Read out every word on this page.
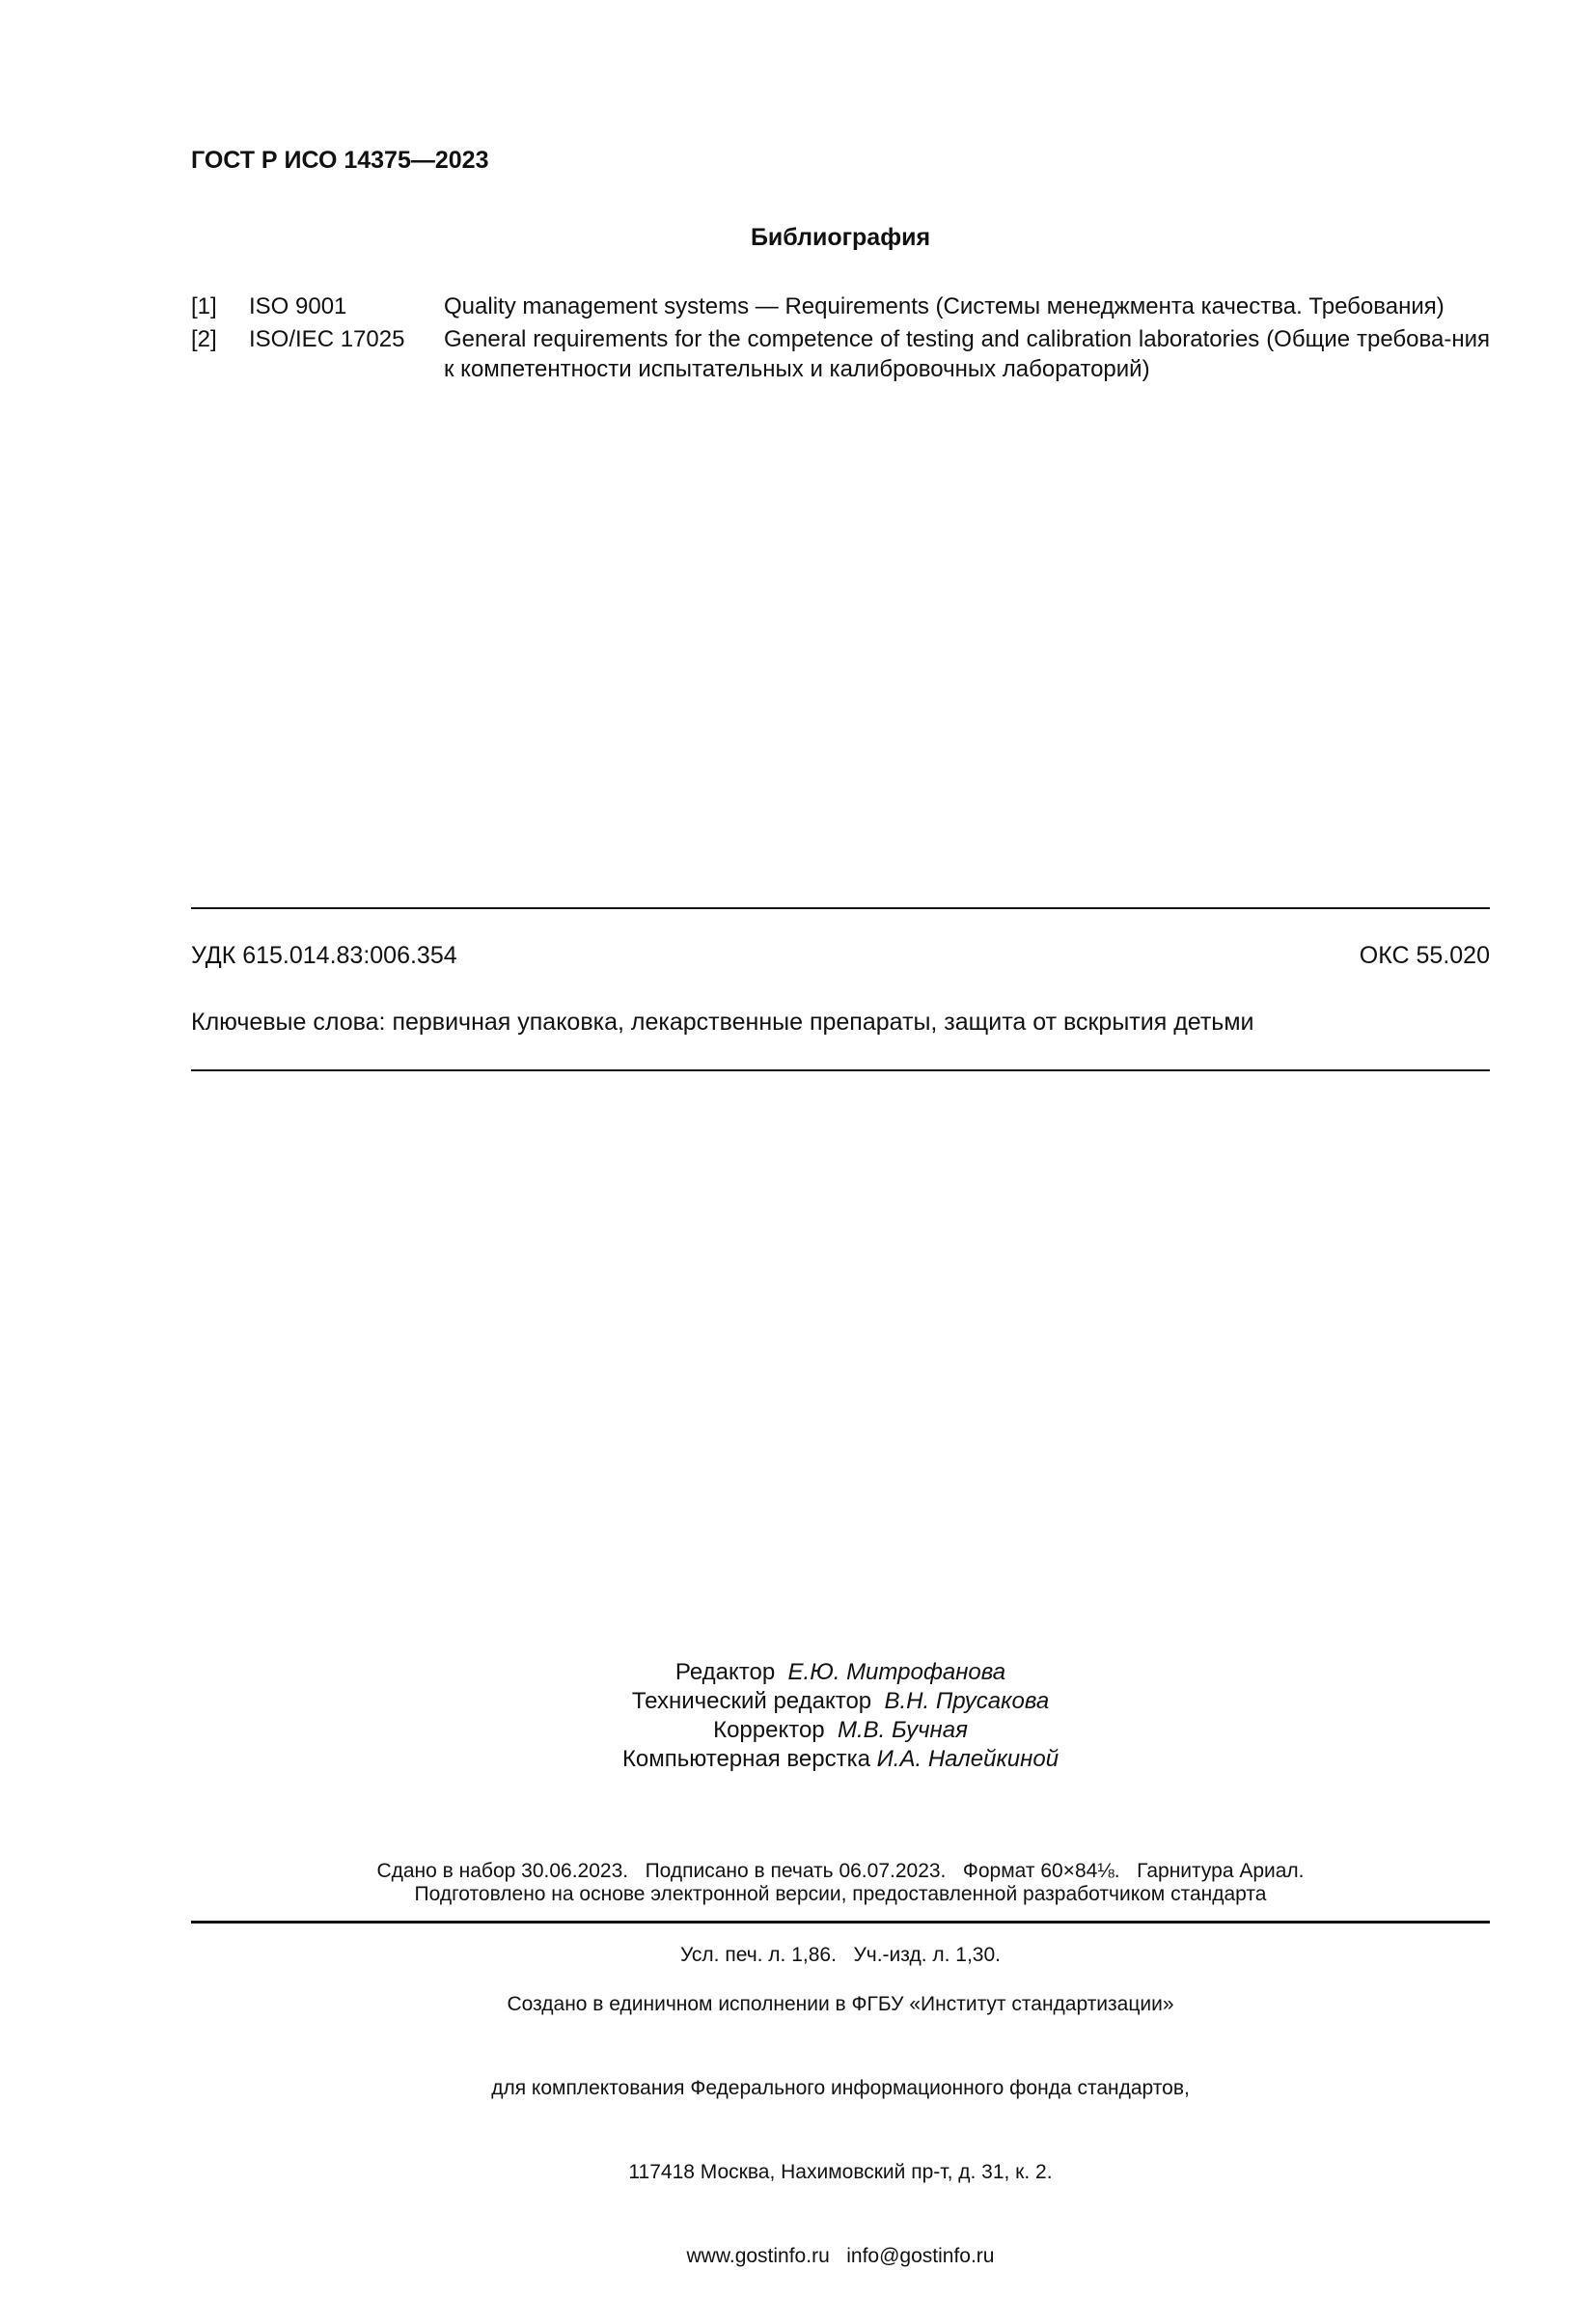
ГОСТ Р ИСО 14375—2023
Библиография
[1] ISO 9001	Quality management systems — Requirements (Системы менеджмента качества. Требования)
[2] ISO/IEC 17025 General requirements for the competence of testing and calibration laboratories (Общие требова-ния к компетентности испытательных и калибровочных лабораторий)
УДК 615.014.83:006.354	ОКС 55.020
Ключевые слова: первичная упаковка, лекарственные препараты, защита от вскрытия детьми
Редактор Е.Ю. Митрофанова
Технический редактор В.Н. Прусакова
Корректор М.В. Бучная
Компьютерная верстка И.А. Налейкиной

Сдано в набор 30.06.2023.   Подписано в печать 06.07.2023.   Формат 60×84⅛.   Гарнитура Ариал.

Усл. печ. л. 1,86.   Уч.-изд. л. 1,30.

Подготовлено на основе электронной версии, предоставленной разработчиком стандарта

Создано в единичном исполнении в ФГБУ «Институт стандартизации»

для комплектования Федерального информационного фонда стандартов,

117418 Москва, Нахимовский пр-т, д. 31, к. 2.

www.gostinfo.ru   info@gostinfo.ru
